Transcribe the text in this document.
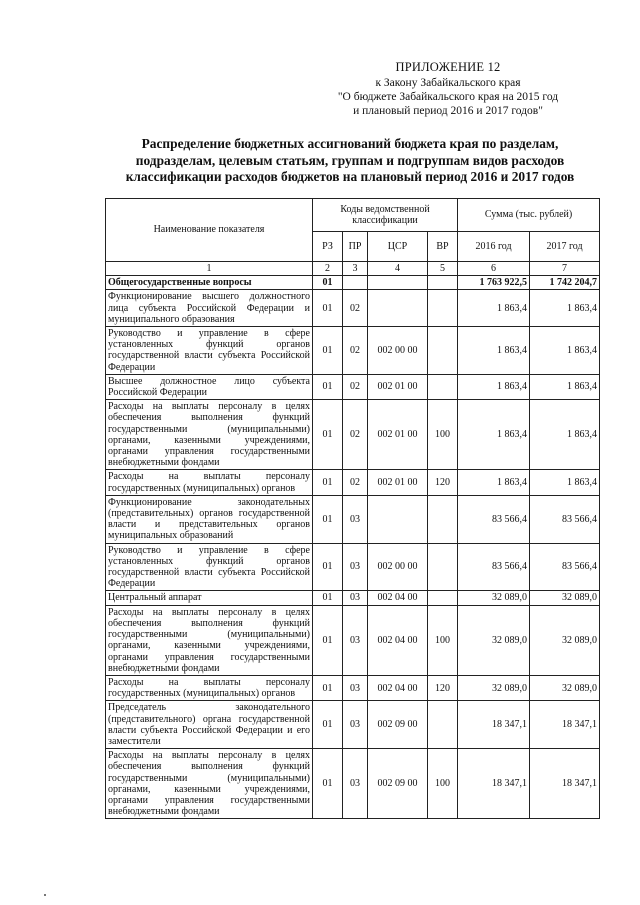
ПРИЛОЖЕНИЕ 12
к Закону Забайкальского края
"О бюджете Забайкальского края на 2015 год
и плановый период 2016 и 2017 годов"
Распределение бюджетных ассигнований бюджета края по разделам,
подразделам, целевым статьям, группам и подгруппам видов расходов
классификации расходов бюджетов на плановый период 2016 и 2017 годов
Наименование показателя	Коды ведомственной классификации				Сумма (тыс. рублей)	
	РЗ	ПР	ЦСР	ВР	2016 год	2017 год
1	2	3	4	5	6	7
Общегосударственные вопросы	01				1 763 922,5	1 742 204,7
Функционирование высшего должностного лица субъекта Российской Федерации и муниципального образования	01	02			1 863,4	1 863,4
Руководство и управление в сфере установленных функций органов государственной власти субъекта Российской Федерации	01	02	002 00 00		1 863,4	1 863,4
Высшее должностное лицо субъекта Российской Федерации	01	02	002 01 00		1 863,4	1 863,4
Расходы на выплаты персоналу в целях обеспечения выполнения функций государственными (муниципальными) органами, казенными учреждениями, органами управления государственными внебюджетными фондами	01	02	002 01 00	100	1 863,4	1 863,4
Расходы на выплаты персоналу государственных (муниципальных) органов	01	02	002 01 00	120	1 863,4	1 863,4
Функционирование законодательных (представительных) органов государственной власти и представительных органов муниципальных образований	01	03			83 566,4	83 566,4
Руководство и управление в сфере установленных функций органов государственной власти субъекта Российской Федерации	01	03	002 00 00		83 566,4	83 566,4
Центральный аппарат	01	03	002 04 00		32 089,0	32 089,0
Расходы на выплаты персоналу в целях обеспечения выполнения функций государственными (муниципальными) органами, казенными учреждениями, органами управления государственными внебюджетными фондами	01	03	002 04 00	100	32 089,0	32 089,0
Расходы на выплаты персоналу государственных (муниципальных) органов	01	03	002 04 00	120	32 089,0	32 089,0
Председатель законодательного (представительного) органа государственной власти субъекта Российской Федерации и его заместители	01	03	002 09 00		18 347,1	18 347,1
Расходы на выплаты персоналу в целях обеспечения выполнения функций государственными (муниципальными) органами, казенными учреждениями, органами управления государственными внебюджетными фондами	01	03	002 09 00	100	18 347,1	18 347,1
